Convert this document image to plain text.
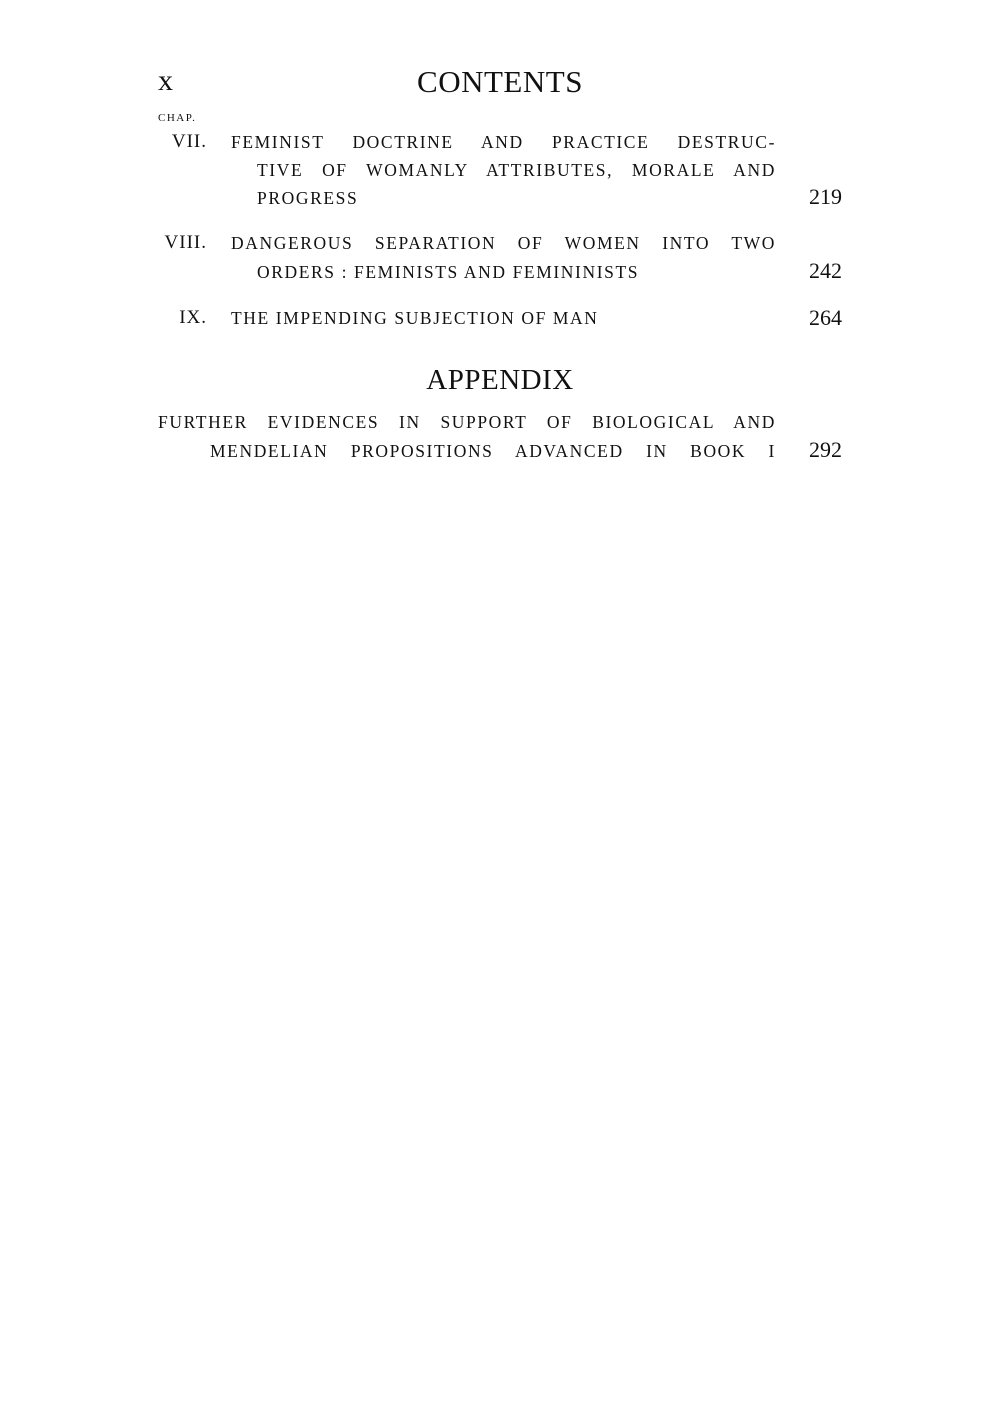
x	CONTENTS
CHAP.
VII. FEMINIST DOCTRINE AND PRACTICE DESTRUC-
TIVE OF WOMANLY ATTRIBUTES, MORALE AND
PROGRESS	219
VIII. DANGEROUS SEPARATION OF WOMEN INTO TWO
ORDERS : FEMINISTS AND FEMININISTS	242
IX. THE IMPENDING SUBJECTION OF MAN	264
APPENDIX
FURTHER EVIDENCES IN SUPPORT OF BIOLOGICAL AND
MENDELIAN PROPOSITIONS ADVANCED IN BOOK I 292
